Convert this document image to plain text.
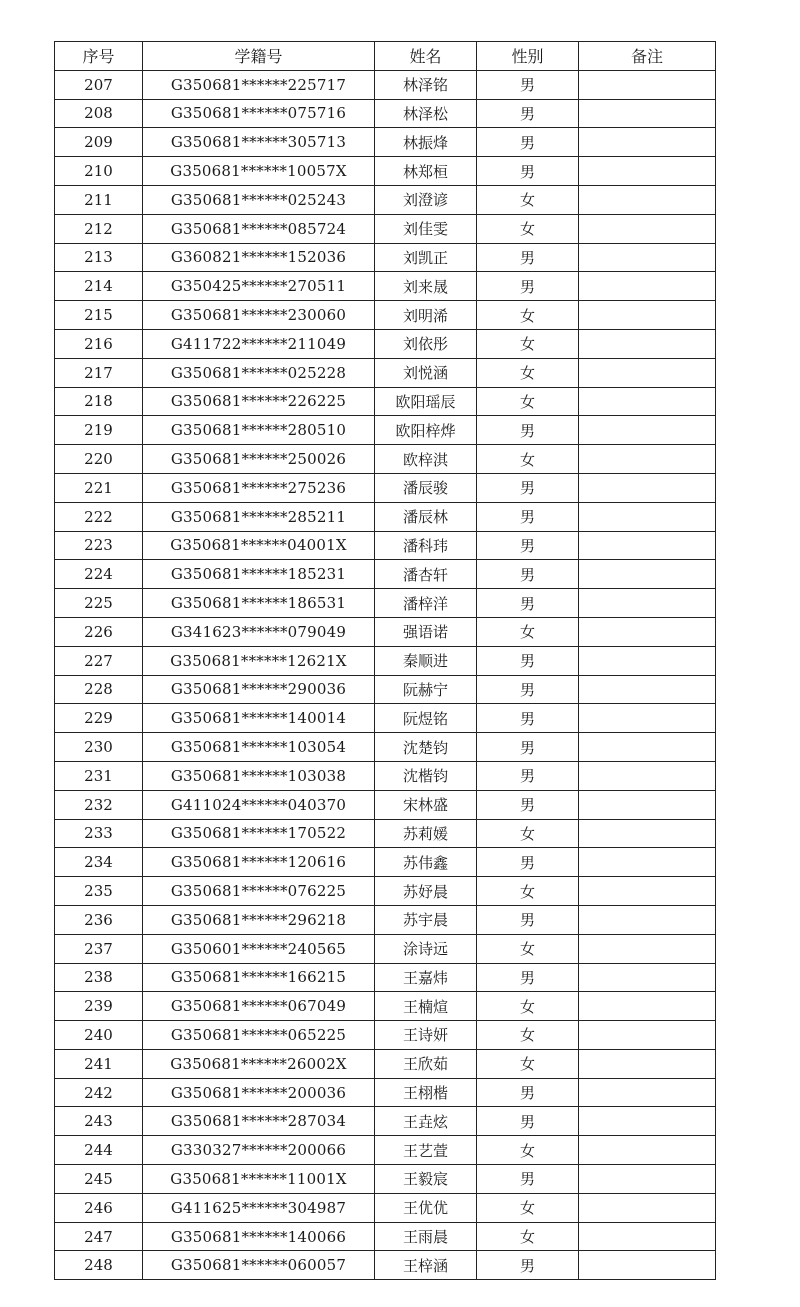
序号	学籍号	姓名	性别	备注
207	G350681******225717	林泽铭	男	
208	G350681******075716	林泽松	男	
209	G350681******305713	林振烽	男	
210	G350681******10057X	林郑桓	男	
211	G350681******025243	刘澄谚	女	
212	G350681******085724	刘佳雯	女	
213	G360821******152036	刘凯正	男	
214	G350425******270511	刘来晟	男	
215	G350681******230060	刘明浠	女	
216	G411722******211049	刘依彤	女	
217	G350681******025228	刘悦涵	女	
218	G350681******226225	欧阳瑶辰	女	
219	G350681******280510	欧阳梓烨	男	
220	G350681******250026	欧梓淇	女	
221	G350681******275236	潘辰骏	男	
222	G350681******285211	潘辰林	男	
223	G350681******04001X	潘科玮	男	
224	G350681******185231	潘杏轩	男	
225	G350681******186531	潘梓洋	男	
226	G341623******079049	强语诺	女	
227	G350681******12621X	秦顺进	男	
228	G350681******290036	阮赫宁	男	
229	G350681******140014	阮煜铭	男	
230	G350681******103054	沈楚钧	男	
231	G350681******103038	沈楷钧	男	
232	G411024******040370	宋林盛	男	
233	G350681******170522	苏莉媛	女	
234	G350681******120616	苏伟鑫	男	
235	G350681******076225	苏妤晨	女	
236	G350681******296218	苏宇晨	男	
237	G350601******240565	涂诗远	女	
238	G350681******166215	王嘉炜	男	
239	G350681******067049	王楠煊	女	
240	G350681******065225	王诗妍	女	
241	G350681******26002X	王欣茹	女	
242	G350681******200036	王栩楷	男	
243	G350681******287034	王垚炫	男	
244	G330327******200066	王艺萱	女	
245	G350681******11001X	王毅宸	男	
246	G411625******304987	王优优	女	
247	G350681******140066	王雨晨	女	
248	G350681******060057	王梓涵	男	
